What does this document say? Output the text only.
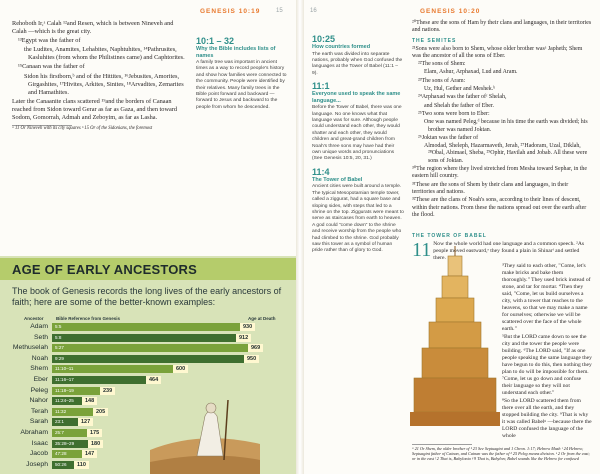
GENESIS 10:19	15

Rehoboth Ir,ᵃ Calah ¹²and Resen, which is between Nineveh and Calah —which is the great city.

¹³Egypt was the father of

the Ludites, Anamites, Lehabites, Naphtuhites, ¹⁴Pathrusites, Kasluhites (from whom the Philistines came) and Caphtorites.

¹⁵Canaan was the father of

Sidon his firstborn,ᵇ and of the Hittites, ¹⁶Jebusites, Amorites, Girgashites, ¹⁷Hivites, Arkites, Sinites, ¹⁸Arvadites, Zemarites and Hamathites.

Later the Canaanite clans scattered ¹⁹and the borders of Canaan reached from Sidon toward Gerar as far as Gaza, and then toward Sodom, Gomorrah, Admah and Zeboyim, as far as Lasha.

ᵃ 11 Or Nineveh with its city squares ᵇ 15 Or of the Sidonians, the foremost

10:1 – 32
Why the Bible includes lists of names

A family tree was important in ancient times as a way to record people's history and show how families were connected to the community. People were identified by their relatives. Many family trees in the Bible point forward and backward —forward to Jesus and backward to the people from whom he descended.

AGE OF EARLY ANCESTORS
The book of Genesis records the long lives of the early ancestors of faith; here are some of the better-known examples:
Ancestor	Bible Reference from Genesis	Age at Death
Adam 5:5	930
Seth 5:8	912
Methuselah 5:27	969
Noah 9:29	950
Shem 11:10–11	600
Eber 11:16–17	464
Peleg 11:18–19	239
Nahor 11:24–25	148
Terah 11:32	205
Sarah 23:1	127
Abraham 25:7	175
Isaac 35:28–29	180
Jacob 47:28	147
Joseph 50:26	110
16
10:25
How countries formed

The earth was divided into separate nations, probably when God confused the languages at the Tower of Babel (11:1 – 9).

11:1
Everyone used to speak the same language...

Before the Tower of Babel, there was one language. No one knows what that language was for sure. Although people could understand each other, they would shatter and each other, they would children and great-grand children from Noah's three sons may have had their own unique words and pronunciations (See Genesis 10:5, 20, 31.)

11:4
The Tower of Babel

Ancient cities were built around a temple. The typical Mesopotamian temple tower, called a ziggurat, had a square base and sloping sides, with steps that led to a shrine on the top. Ziggurats were meant to serve as staircases from earth to heaven. A god could "come down" to the shrine and receive worship from the people who had climbed to the shrine. God probably saw this tower as a symbol of human pride rather than of glory to God.

GENESIS 10:20

²⁰These are the sons of Ham by their clans and languages, in their territories and nations.

THE SEMITES

²¹Sons were also born to Shem, whose older brother wasᵃ Japheth; Shem was the ancestor of all the sons of Eber.

²²The sons of Shem:

Elam, Ashur, Arphaxad, Lud and Aram.

²³The sons of Aram:

Uz, Hul, Gether and Meshek.ᵇ

²⁴Arphaxad was the father ofᶜ Shelah,

and Shelah the father of Eber.

²⁵Two sons were born to Eber:

One was named Peleg,ᵈ because in his time the earth was divided; his brother was named Joktan.

²⁶Joktan was the father of

Almodad, Sheleph, Hazarmaveth, Jerah, ²⁷Hadoram, Uzal, Diklah, ²⁸Obal, Abimael, Sheba, ²⁹Ophir, Havilah and Jobab. All these were sons of Joktan.

³⁰The region where they lived stretched from Mesha toward Sephar, in the eastern hill country.

³¹These are the sons of Shem by their clans and languages, in their territories and nations.

³²These are the clans of Noah's sons, according to their lines of descent, within their nations. From these the nations spread out over the earth after the flood.

THE TOWER OF BABEL

11 Now the whole world had one language and a common speech. ²As people moved eastward,ᵉ they found a plain in Shinarᶠ and settled there.

³They said to each other, "Come, let's make bricks and bake them thoroughly." They used brick instead of stone, and tar for mortar. ⁴Then they said, "Come, let us build ourselves a city, with a tower that reaches to the heavens, so that we may make a name for ourselves; otherwise we will be scattered over the face of the whole earth."

⁵But the LORD came down to see the city and the tower the people were building. ⁶The LORD said, "If as one people speaking the same language they have begun to do this, then nothing they plan to do will be impossible for them. ⁷Come, let us go down and confuse their language so they will not understand each other."

⁸So the LORD scattered them from there over all the earth, and they stopped building the city. ⁹That is why it was called Babelᵍ —because there the LORD confused the language of the whole

ᵃ 21 Or Shem, the older brother of ᵇ 23 See Septuagint and 1 Chron. 1:17; Hebrew Mash ᶜ 24 Hebrew; Septuagint father of Cainan, and Cainan was the father of ᵈ 25 Peleg means division. ᵉ 2 Or from the east; or in the east ᶠ 2 That is, Babylonia ᵍ 9 That is, Babylon; Babel sounds like the Hebrew for confused
